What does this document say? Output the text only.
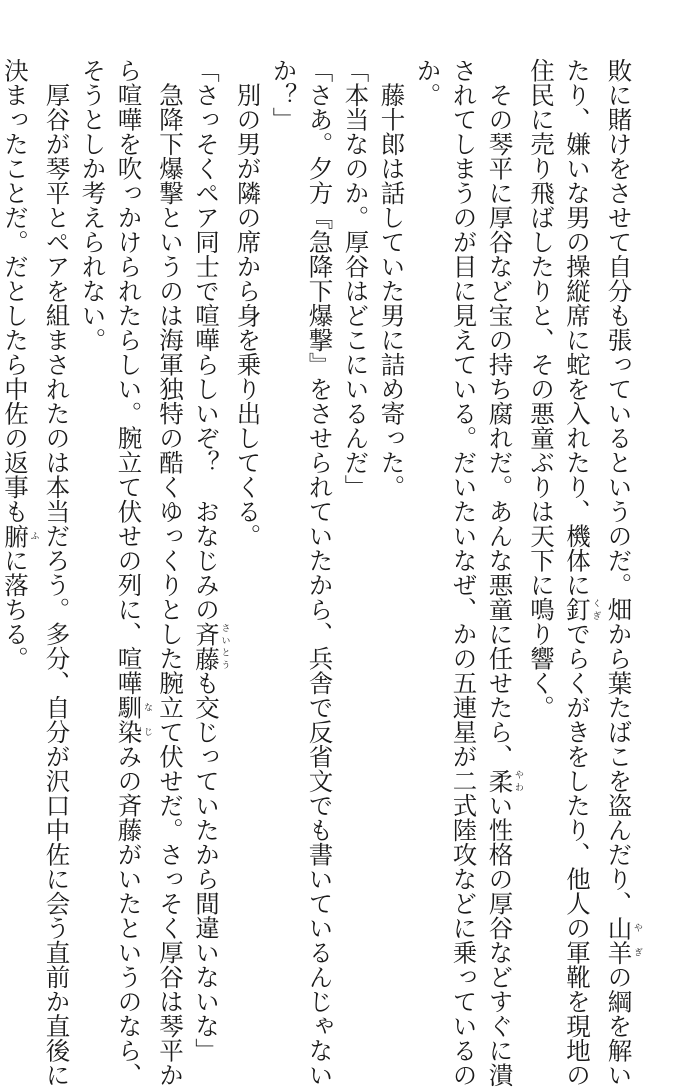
敗に賭けをさせて自分も張っているというのだ。畑から葉たばこを盗んだり、山羊やぎの綱を解い
たり、嫌いな男の操縦席に蛇を入れたり、機体に釘くぎでらくがきをしたり、他人の軍靴を現地の
住民に売り飛ばしたりと、その悪童ぶりは天下に鳴り響く。
　その琴平に厚谷など宝の持ち腐れだ。あんな悪童に任せたら、柔やわい性格の厚谷などすぐに潰
されてしまうのが目に見えている。だいたいなぜ、かの五連星が二式陸攻などに乗っているの
か。
　藤十郎は話していた男に詰め寄った。
「本当なのか。厚谷はどこにいるんだ」
「さあ。夕方『急降下爆撃』をさせられていたから、兵舎で反省文でも書いているんじゃない
か？」
　別の男が隣の席から身を乗り出してくる。
「さっそくペア同士で喧嘩らしいぞ？　おなじみの斉藤さいとうも交じっていたから間違いないな」
　急降下爆撃というのは海軍独特の酷くゆっくりとした腕立て伏せだ。さっそく厚谷は琴平か
ら喧嘩を吹っかけられたらしい。腕立て伏せの列に、喧嘩馴染なじみの斉藤がいたというのなら、
そうとしか考えられない。
　厚谷が琴平とペアを組まされたのは本当だろう。多分、自分が沢口中佐に会う直前か直後に
決まったことだ。だとしたら中佐の返事も腑ふに落ちる。
